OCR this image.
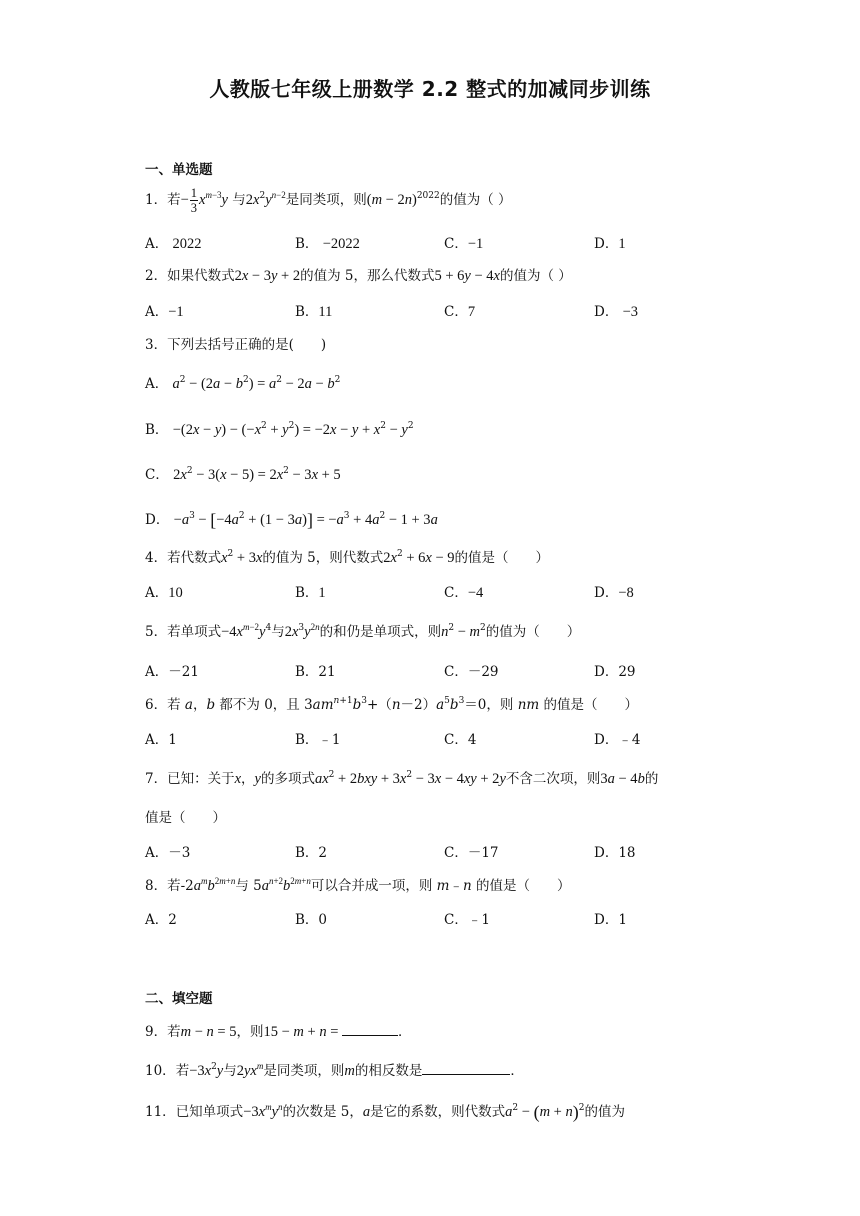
人教版七年级上册数学 2.2 整式的加减同步训练
一、单选题
1．若− $\frac{1}{3} x^{m-3}y$ 与$2x^2y^{n-2}$是同类项，则$(m - 2n)^{2022}$的值为（ ）
A． 2022	B． −2022	C．−1	D．1
2．如果代数式2x − 3y + 2的值为 5，那么代数式5 + 6y − 4x的值为（ ）
A．−1	B．11	C．7	D． −3
3．下列去括号正确的是(　　)
A． $a^2 - (2a - b^2) = a^2 - 2a - b^2$
B． $-(2x - y) - (-x^2 + y^2) = -2x - y + x^2 - y^2$
C． $2x^2 - 3(x - 5) = 2x^2 - 3x + 5$
D． $-a^3 - [-4a^2 + (1 - 3a)] = -a^3 + 4a^2 - 1 + 3a$
4．若代数式$x^2 + 3x$的值为 5，则代数式$2x^2 + 6x - 9$的值是（　　）
A．10	B．1	C．−4	D．−8
5．若单项式$-4x^{m-2}y^4$与$2x^3y^{2n}$的和仍是单项式，则$n^2 - m^2$的值为（　　）
A．－21	B．21	C．－29	D．29
6．若 a，b 都不为 0，且 $3am^{n+1}b^3+(n-2)a^5b^3=0$，则 nm 的值是（　　）
A．1	B．﹣1	C．4	D．﹣4
7．已知：关于x，y的多项式$ax^2 + 2bxy + 3x^2 - 3x - 4xy + 2y$不含二次项，则3a − 4b的
值是（　　）
A．－3	B．2	C．－17	D．18
8．若$-2a^mb^{2m+n}$与 $5a^{n+2}b^{2m+n}$可以合并成一项，则 m﹣n 的值是（　　）
A．2	B．0	C．﹣1	D．1
二、填空题
9．若m − n = 5，则15 − m + n =	．
10．若$-3x^2y$与$2yx^m$是同类项，则m的相反数是	．
11．已知单项式$-3x^my^n$的次数是 5，a是它的系数，则代数式$a^2 - (m + n)^2$的值为
